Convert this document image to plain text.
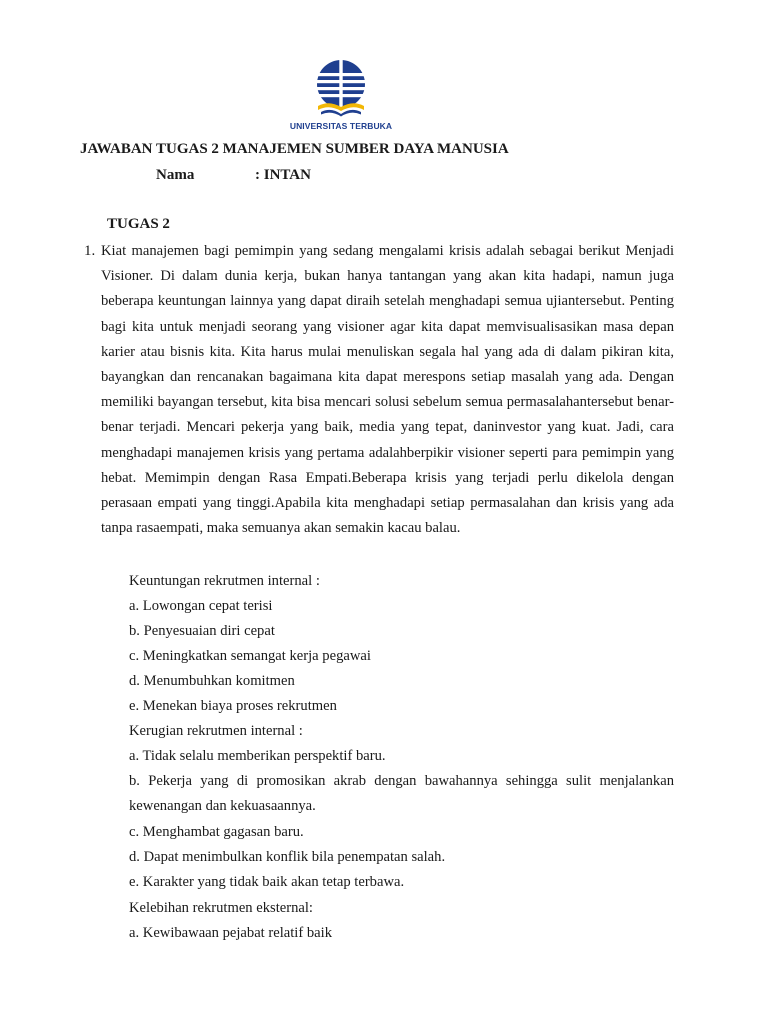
UNIVERSITAS TERBUKA
JAWABAN TUGAS 2 MANAJEMEN SUMBER DAYA MANUSIA
Nama	: INTAN
TUGAS 2
1. Kiat manajemen bagi pemimpin yang sedang mengalami krisis adalah sebagai berikut Menjadi Visioner. Di dalam dunia kerja, bukan hanya tantangan yang akan kita hadapi, namun juga beberapa keuntungan lainnya yang dapat diraih setelah menghadapi semua ujiantersebut. Penting bagi kita untuk menjadi seorang yang visioner agar kita dapat memvisualisasikan masa depan karier atau bisnis kita. Kita harus mulai menuliskan segala hal yang ada di dalam pikiran kita, bayangkan dan rencanakan bagaimana kita dapat merespons setiap masalah yang ada. Dengan memiliki bayangan tersebut, kita bisa mencari solusi sebelum semua permasalahantersebut benar-benar terjadi. Mencari pekerja yang baik, media yang tepat, daninvestor yang kuat. Jadi, cara menghadapi manajemen krisis yang pertama adalahberpikir visioner seperti para pemimpin yang hebat. Memimpin dengan Rasa Empati.Beberapa krisis yang terjadi perlu dikelola dengan perasaan empati yang tinggi.Apabila kita menghadapi setiap permasalahan dan krisis yang ada tanpa rasaempati, maka semuanya akan semakin kacau balau.

Keuntungan rekrutmen internal :

a. Lowongan cepat terisi

b. Penyesuaian diri cepat

c. Meningkatkan semangat kerja pegawai

d. Menumbuhkan komitmen

e. Menekan biaya proses rekrutmen

Kerugian rekrutmen internal :

a. Tidak selalu memberikan perspektif baru.

b. Pekerja yang di promosikan akrab dengan bawahannya sehingga sulit menjalankan kewenangan dan kekuasaannya.

c. Menghambat gagasan baru.

d. Dapat menimbulkan konflik bila penempatan salah.

e. Karakter yang tidak baik akan tetap terbawa.

Kelebihan rekrutmen eksternal:

a. Kewibawaan pejabat relatif baik
